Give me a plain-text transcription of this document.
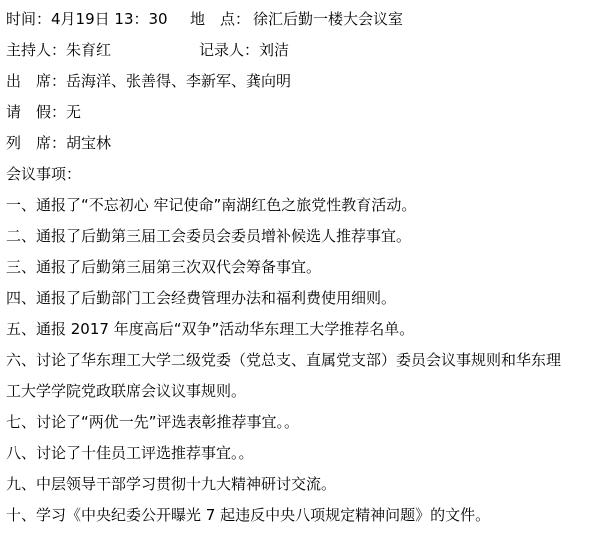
时间： 4月19日 13：30 地　点： 徐汇后勤一楼大会议室
主持人： 朱育红	记录人： 刘洁
出　席： 岳海洋、张善得、李新军、龚向明
请　假： 无
列　席： 胡宝林
会议事项：
一、通报了“不忘初心 牢记使命”南湖红色之旅党性教育活动。
二、通报了后勤第三届工会委员会委员增补候选人推荐事宜。
三、通报了后勤第三届第三次双代会筹备事宜。
四、通报了后勤部门工会经费管理办法和福利费使用细则。
五、通报 2017 年度高后“双争”活动华东理工大学推荐名单。
六、讨论了华东理工大学二级党委（党总支、直属党支部）委员会议事规则和华东理
工大学学院党政联席会议议事规则。
七、讨论了“两优一先”评选表彰推荐事宜。。
八、讨论了十佳员工评选推荐事宜。。
九、中层领导干部学习贯彻十九大精神研讨交流。
十、学习《中央纪委公开曝光 7 起违反中央八项规定精神问题》的文件。
